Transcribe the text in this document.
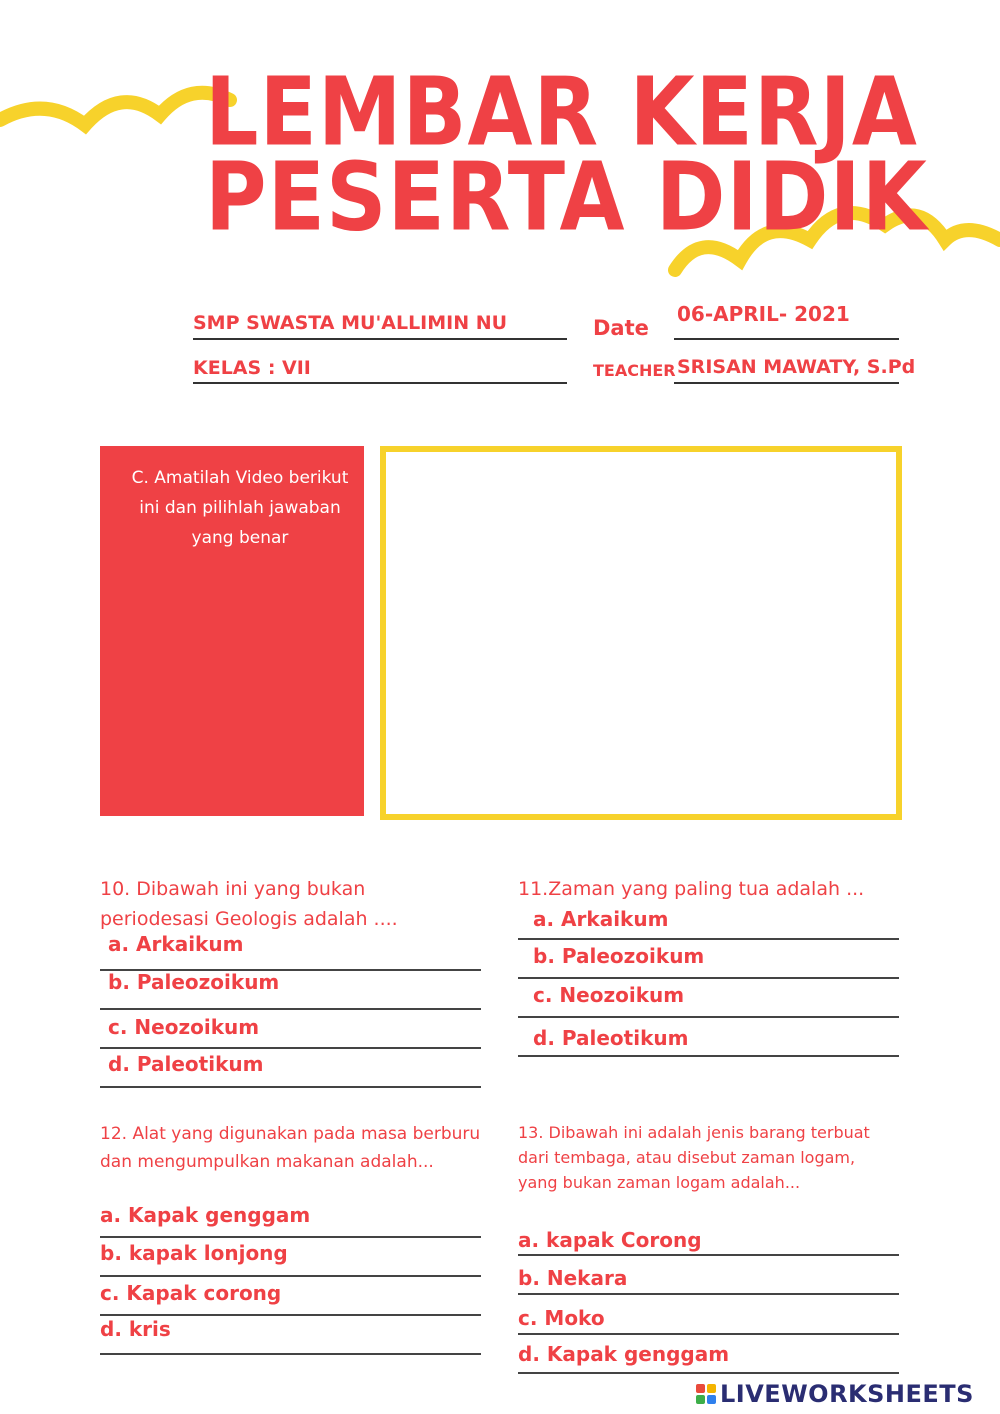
LEMBAR KERJA
PESERTA DIDIK
SMP SWASTA MU'ALLIMIN NU	Date
06-APRIL- 2021
KELAS : VII	TEACHER SRISAN MAWATY, S.Pd
C. Amatilah Video berikut ini dan pilihlah jawaban yang benar
10. Dibawah ini yang bukan periodesasi Geologis adalah ....
a. Arkaikum
b. Paleozoikum
c. Neozoikum
d. Paleotikum
11.Zaman yang paling tua adalah ...
a. Arkaikum
b. Paleozoikum
c. Neozoikum
d. Paleotikum
12. Alat yang digunakan pada masa berburu dan mengumpulkan makanan adalah...
a. Kapak genggam
b. kapak lonjong
c. Kapak corong
d. kris
13. Dibawah ini adalah jenis barang terbuat dari tembaga, atau disebut zaman logam, yang bukan zaman logam adalah...
a. kapak Corong
b. Nekara
c. Moko
d. Kapak genggam
LIVEWORKSHEETS
